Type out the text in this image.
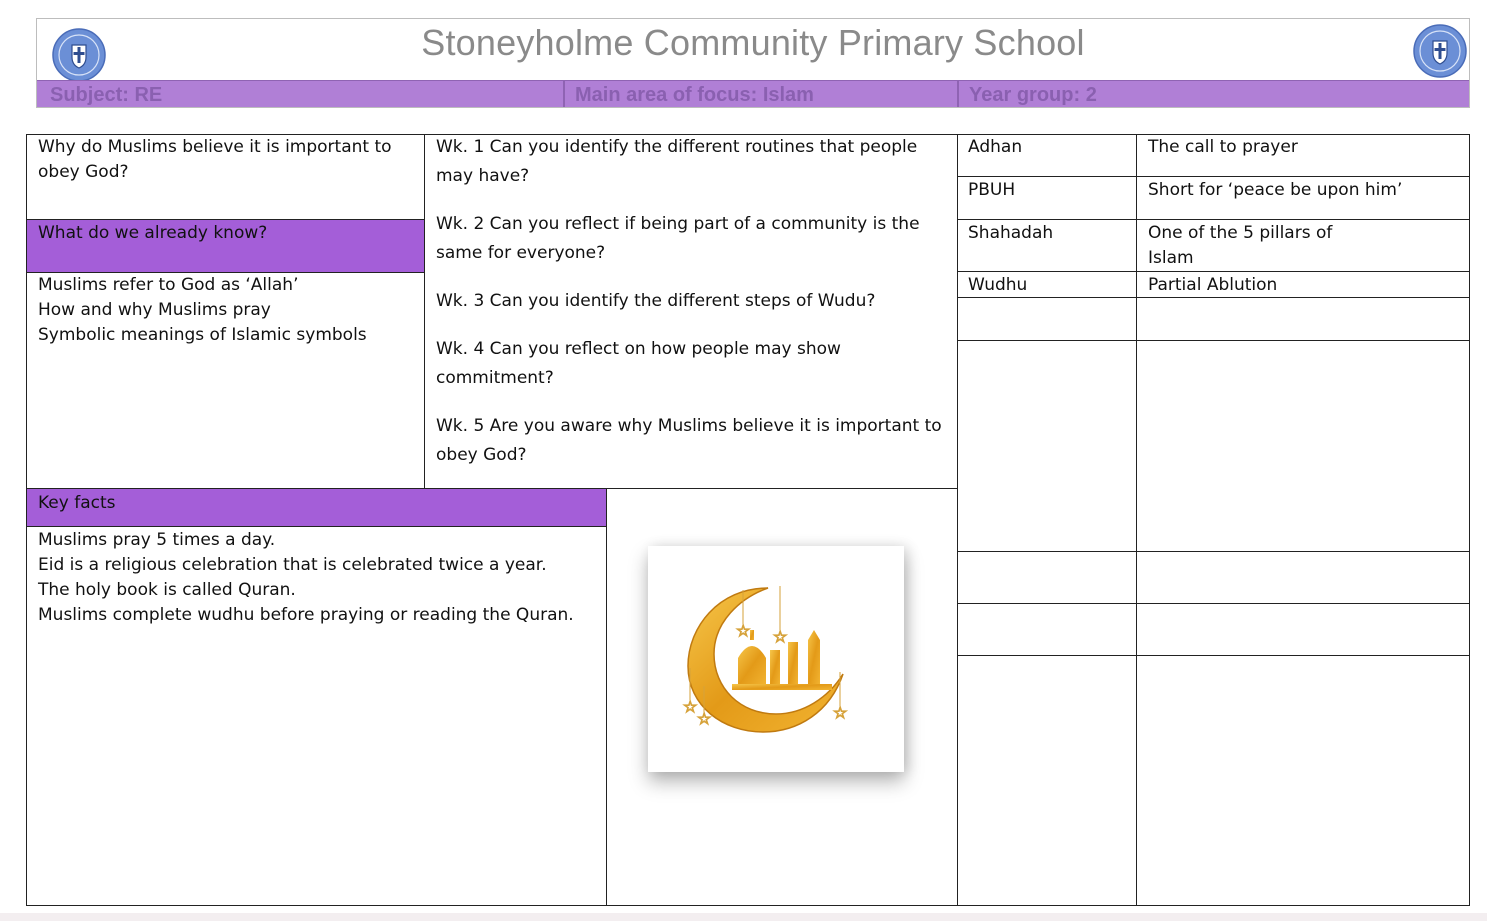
Stoneyholme Community Primary School
Subject: RE	Main area of focus: Islam	Year group: 2
Why do Muslims believe it is important to obey God?
What do we already know?
Muslims refer to God as ‘Allah’
How and why Muslims pray
Symbolic meanings of Islamic symbols

Wk. 1 Can you identify the different routines that people may have?

Wk. 2 Can you reflect if being part of a community is the same for everyone?

Wk. 3 Can you identify the different steps of Wudu?

Wk. 4 Can you reflect on how people may show commitment?

Wk. 5 Are you aware why Muslims believe it is important to obey God?

Key facts
Muslims pray 5 times a day.
Eid is a religious celebration that is celebrated twice a year.
The holy book is called Quran.
Muslims complete wudhu before praying or reading the Quran.
☆ ☆
☆
☆
☆
Adhan	The call to prayer
PBUH	Short for ‘peace be upon him’
Shahadah	One of the 5 pillars of Islam
Wudhu	Partial Ablution
